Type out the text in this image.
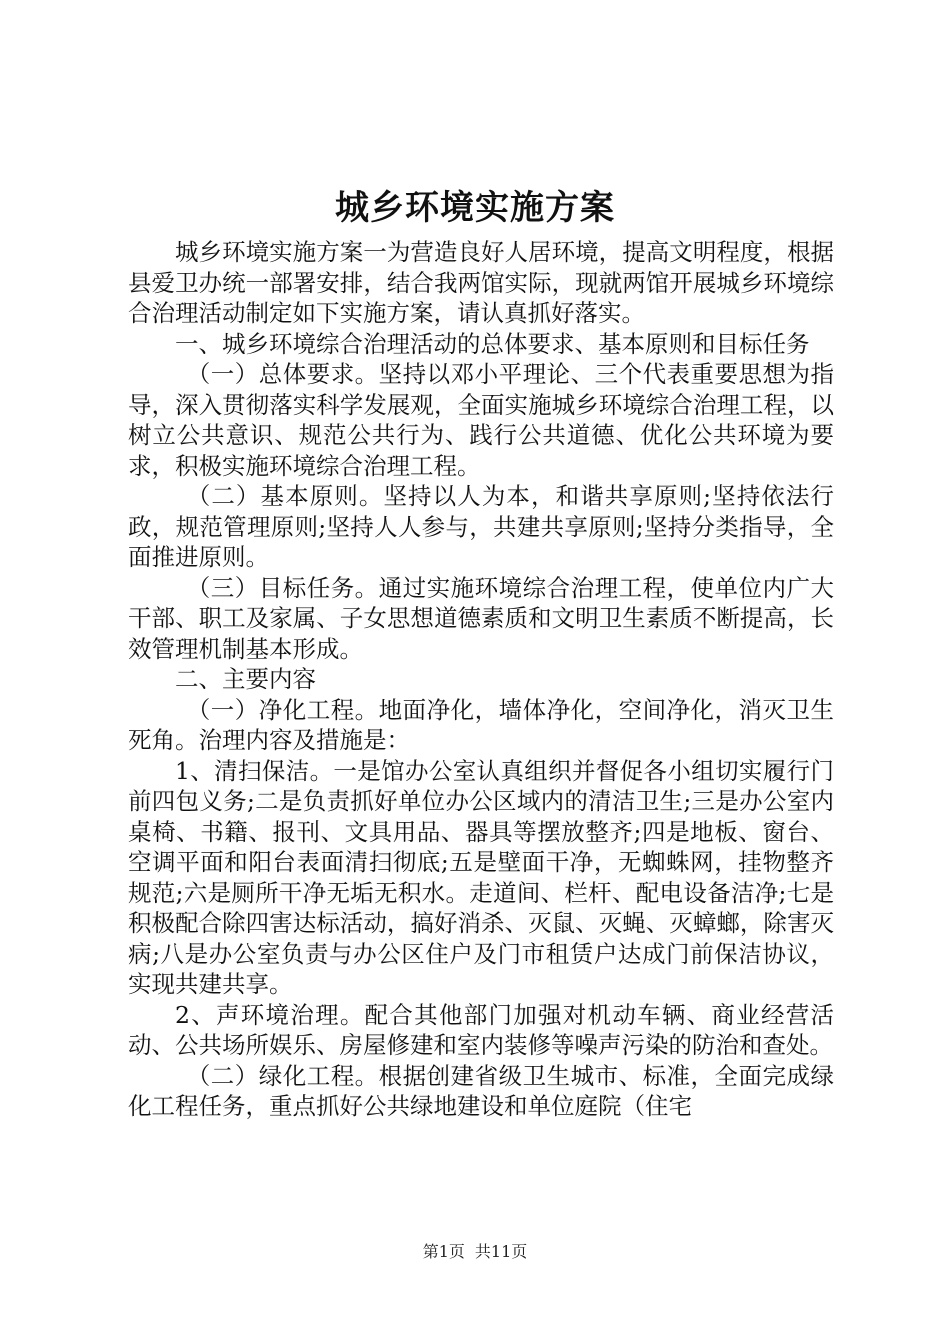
城乡环境实施方案

城乡环境实施方案一为营造良好人居环境，提高文明程度，根据县爱卫办统一部署安排，结合我两馆实际，现就两馆开展城乡环境综合治理活动制定如下实施方案，请认真抓好落实。

一、城乡环境综合治理活动的总体要求、基本原则和目标任务

（一）总体要求。坚持以邓小平理论、三个代表重要思想为指导，深入贯彻落实科学发展观，全面实施城乡环境综合治理工程，以树立公共意识、规范公共行为、践行公共道德、优化公共环境为要求，积极实施环境综合治理工程。

（二）基本原则。坚持以人为本，和谐共享原则;坚持依法行政，规范管理原则;坚持人人参与，共建共享原则;坚持分类指导，全面推进原则。

（三）目标任务。通过实施环境综合治理工程，使单位内广大干部、职工及家属、子女思想道德素质和文明卫生素质不断提高，长效管理机制基本形成。

二、主要内容

（一）净化工程。地面净化，墙体净化，空间净化，消灭卫生死角。治理内容及措施是：

1、清扫保洁。一是馆办公室认真组织并督促各小组切实履行门前四包义务;二是负责抓好单位办公区域内的清洁卫生;三是办公室内桌椅、书籍、报刊、文具用品、器具等摆放整齐;四是地板、窗台、空调平面和阳台表面清扫彻底;五是壁面干净，无蜘蛛网，挂物整齐规范;六是厕所干净无垢无积水。走道间、栏杆、配电设备洁净;七是积极配合除四害达标活动，搞好消杀、灭鼠、灭蝇、灭蟑螂，除害灭病;八是办公室负责与办公区住户及门市租赁户达成门前保洁协议，实现共建共享。

2、声环境治理。配合其他部门加强对机动车辆、商业经营活动、公共场所娱乐、房屋修建和室内装修等噪声污染的防治和查处。

（二）绿化工程。根据创建省级卫生城市、标准，全面完成绿化工程任务，重点抓好公共绿地建设和单位庭院（住宅

第1页 共11页
